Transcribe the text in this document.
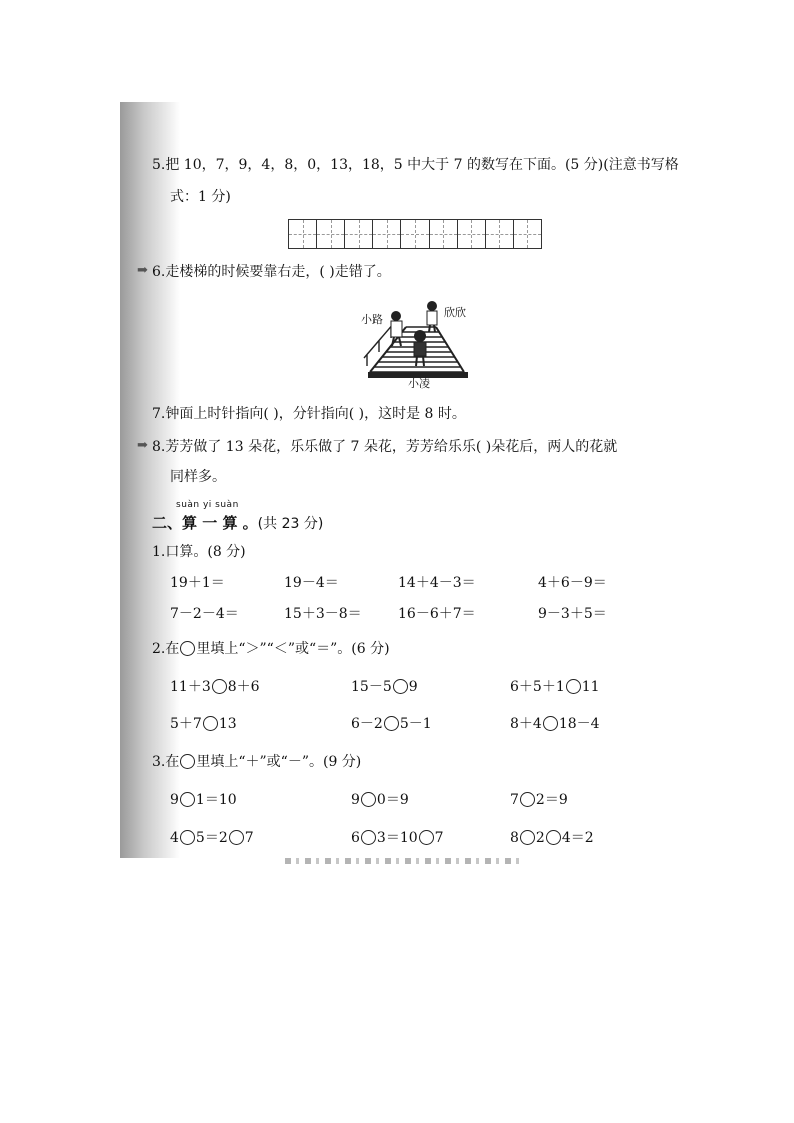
5.把 10，7，9，4，8，0，13，18，5 中大于 7 的数写在下面。(5 分)(注意书写格
式：1 分)
➡ 6.走楼梯的时候要靠右走，( )走错了。
小路
欣欣
小凌
7.钟面上时针指向( )，分针指向( )，这时是 8 时。
➡ 8.芳芳做了 13 朵花，乐乐做了 7 朵花，芳芳给乐乐( )朵花后，两人的花就
同样多。
suàn yi suàn
二、算 一 算 。(共 23 分)
1.口算。(8 分)
19＋1＝	19－4＝	14＋4－3＝	4＋6－9＝
7－2－4＝	15＋3－8＝	16－6＋7＝	9－3＋5＝
2.在 里填上“＞”“＜”或“＝”。(6 分)
11＋3 8＋6	15－5 9	6＋5＋1 11
5＋7 13	6－2 5－1	8＋4 18－4
3.在 里填上“＋”或“－”。(9 分)
9 1＝10	9 0＝9	7 2＝9
4 5＝2 7	6 3＝10 7	8 2 4＝2
